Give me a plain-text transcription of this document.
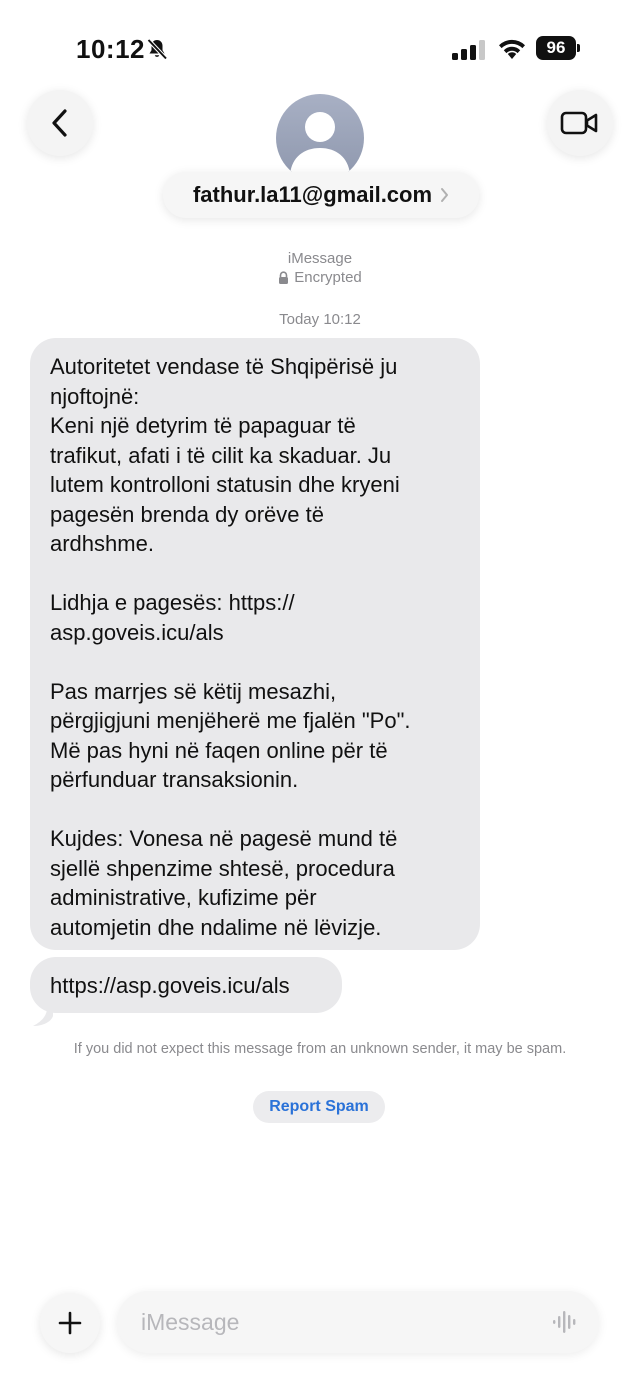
10:12	96
fathur.la11@gmail.com
iMessage
Encrypted
Today 10:12

Autoritetet vendase të Shqipërisë ju
njoftojnë:
Keni një detyrim të papaguar të
trafikut, afati i të cilit ka skaduar. Ju
lutem kontrolloni statusin dhe kryeni
pagesën brenda dy orëve të
ardhshme.

Lidhja e pagesës: https://
asp.goveis.icu/als

Pas marrjes së këtij mesazhi,
përgjigjuni menjëherë me fjalën "Po".
Më pas hyni në faqen online për të
përfunduar transaksionin.

Kujdes: Vonesa në pagesë mund të
sjellë shpenzime shtesë, procedura
administrative, kufizime për
automjetin dhe ndalime në lëvizje.

https://asp.goveis.icu/als
If you did not expect this message from an unknown sender, it may be spam.
Report Spam
iMessage
